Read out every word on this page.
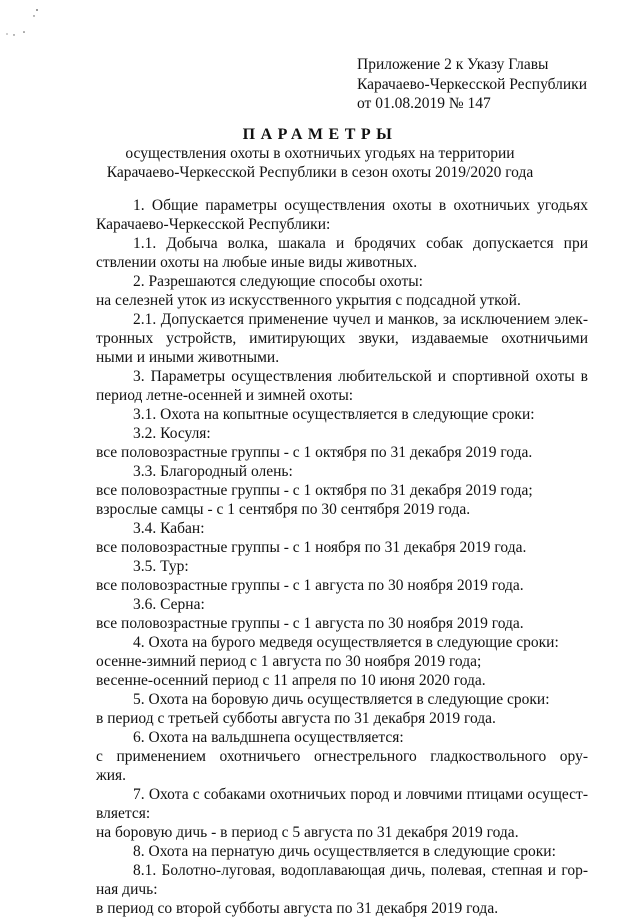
Приложение 2 к Указу Главы
Карачаево-Черкесской Республики
от 01.08.2019 № 147
ПАРАМЕТРЫ
осуществления охоты в охотничьих угодьях на территории
Карачаево-Черкесской Республики в сезон охоты 2019/2020 года
1. Общие параметры осуществления охоты в охотничьих угодьях
Карачаево-Черкесской Республики:
1.1. Добыча волка, шакала и бродячих собак допускается при
ствлении охоты на любые иные виды животных.
2. Разрешаются следующие способы охоты:
на селезней уток из искусственного укрытия с подсадной уткой.
2.1. Допускается применение чучел и манков, за исключением элек-
тронных устройств, имитирующих звуки, издаваемые охотничьими
ными и иными животными.
3. Параметры осуществления любительской и спортивной охоты в
период летне-осенней и зимней охоты:
3.1. Охота на копытные осуществляется в следующие сроки:
3.2. Косуля:
все половозрастные группы - с 1 октября по 31 декабря 2019 года.
3.3. Благородный олень:
все половозрастные группы - с 1 октября по 31 декабря 2019 года;
взрослые самцы - с 1 сентября по 30 сентября 2019 года.
3.4. Кабан:
все половозрастные группы - с 1 ноября по 31 декабря 2019 года.
3.5. Тур:
все половозрастные группы - с 1 августа по 30 ноября 2019 года.
3.6. Серна:
все половозрастные группы - с 1 августа по 30 ноября 2019 года.
4. Охота на бурого медведя осуществляется в следующие сроки:
осенне-зимний период с 1 августа по 30 ноября 2019 года;
весенне-осенний период с 11 апреля по 10 июня 2020 года.
5. Охота на боровую дичь осуществляется в следующие сроки:
в период с третьей субботы августа по 31 декабря 2019 года.
6. Охота на вальдшнепа осуществляется:
с применением охотничьего огнестрельного гладкоствольного ору-
жия.
7. Охота с собаками охотничьих пород и ловчими птицами осущест-
вляется:
на боровую дичь - в период с 5 августа по 31 декабря 2019 года.
8. Охота на пернатую дичь осуществляется в следующие сроки:
8.1. Болотно-луговая, водоплавающая дичь, полевая, степная и гор-
ная дичь:
в период со второй субботы августа по 31 декабря 2019 года.
